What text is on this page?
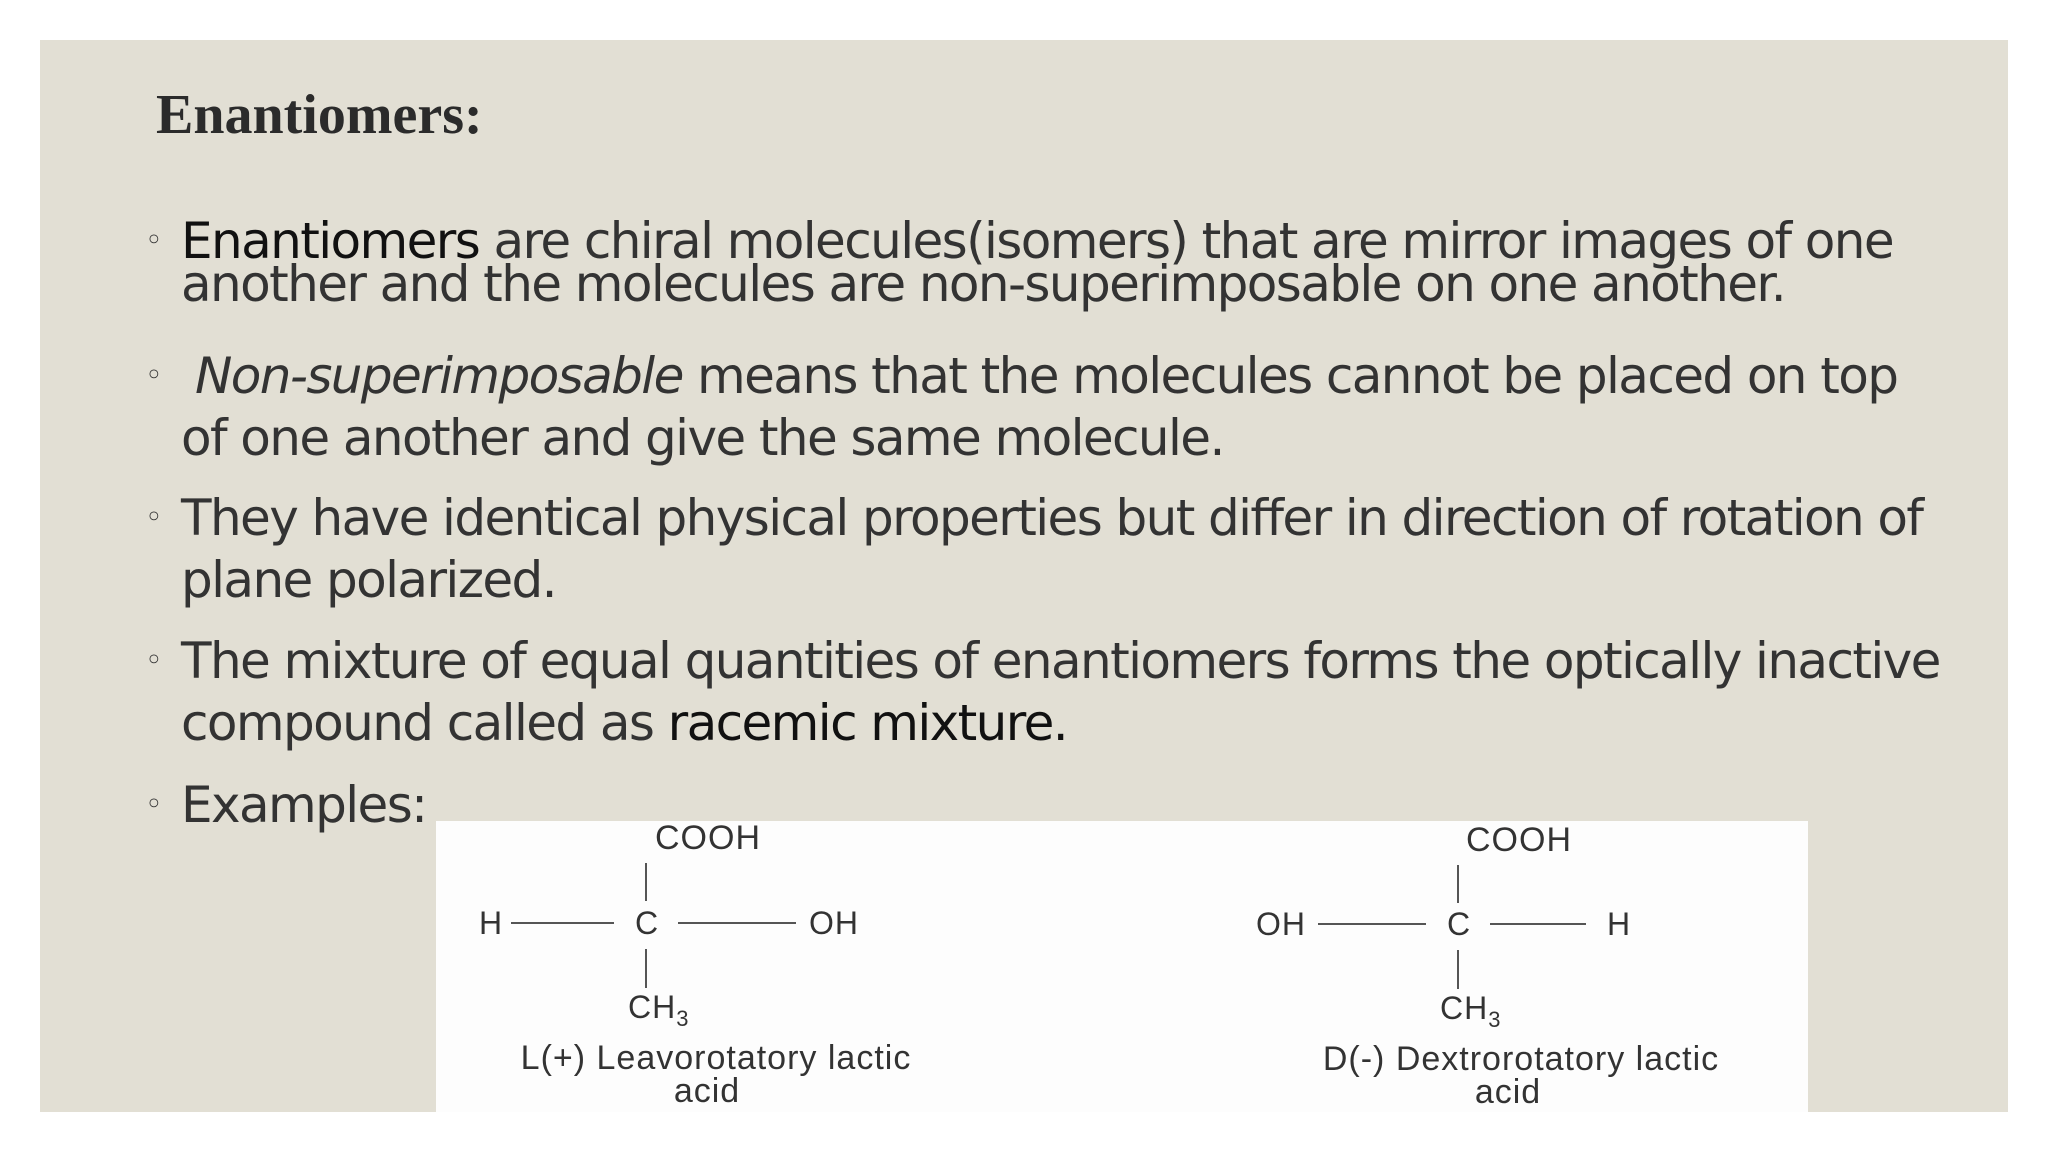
Enantiomers:
◦ Enantiomers are chiral molecules(isomers) that are mirror images of one
another and the molecules are non-superimposable on one another.
◦ Non-superimposable means that the molecules cannot be placed on top
of one another and give the same molecule.
◦ They have identical physical properties but differ in direction of rotation of
plane polarized.
◦ The mixture of equal quantities of enantiomers forms the optically inactive
compound called as racemic mixture.
◦ Examples:
COOH
H	C	OH
$CH_3$
L(+) Leavorotatory lactic
acid
COOH
OH	C	H
$CH_3$
D(-) Dextrorotatory lactic
acid
